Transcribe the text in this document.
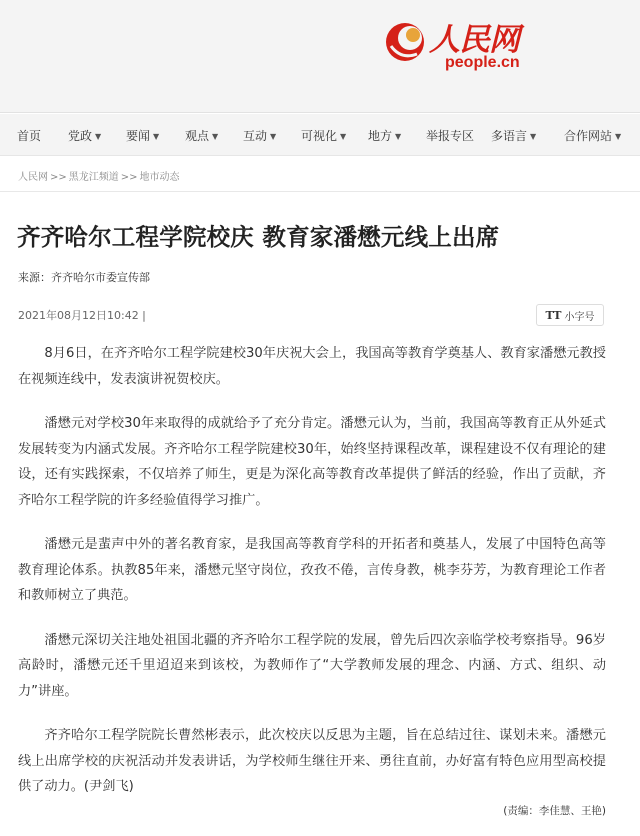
人民网
people.cn
首页 党政 ▼ 要闻 ▼ 观点 ▼ 互动 ▼ 可视化 ▼ 地方 ▼ 举报专区 多语言 ▼ 合作网站 ▼
人民网 >> 黑龙江频道 >> 地市动态
齐齐哈尔工程学院校庆 教育家潘懋元线上出席
来源：齐齐哈尔市委宣传部
2021年08月12日10:42 |	TT 小字号

8月6日，在齐齐哈尔工程学院建校30年庆祝大会上，我国高等教育学奠基人、教育家潘懋元教授在视频连线中，发表演讲祝贺校庆。

潘懋元对学校30年来取得的成就给予了充分肯定。潘懋元认为，当前，我国高等教育正从外延式发展转变为内涵式发展。齐齐哈尔工程学院建校30年，始终坚持课程改革，课程建设不仅有理论的建设，还有实践探索，不仅培养了师生，更是为深化高等教育改革提供了鲜活的经验，作出了贡献，齐齐哈尔工程学院的许多经验值得学习推广。

潘懋元是蜚声中外的著名教育家，是我国高等教育学科的开拓者和奠基人，发展了中国特色高等教育理论体系。执教85年来，潘懋元坚守岗位，孜孜不倦，言传身教，桃李芬芳，为教育理论工作者和教师树立了典范。

潘懋元深切关注地处祖国北疆的齐齐哈尔工程学院的发展，曾先后四次亲临学校考察指导。96岁高龄时，潘懋元还千里迢迢来到该校，为教师作了“大学教师发展的理念、内涵、方式、组织、动力”讲座。

齐齐哈尔工程学院院长曹然彬表示，此次校庆以反思为主题，旨在总结过往、谋划未来。潘懋元线上出席学校的庆祝活动并发表讲话，为学校师生继往开来、勇往直前，办好富有特色应用型高校提供了动力。(尹剑飞)

(责编：李佳慧、王艳)
